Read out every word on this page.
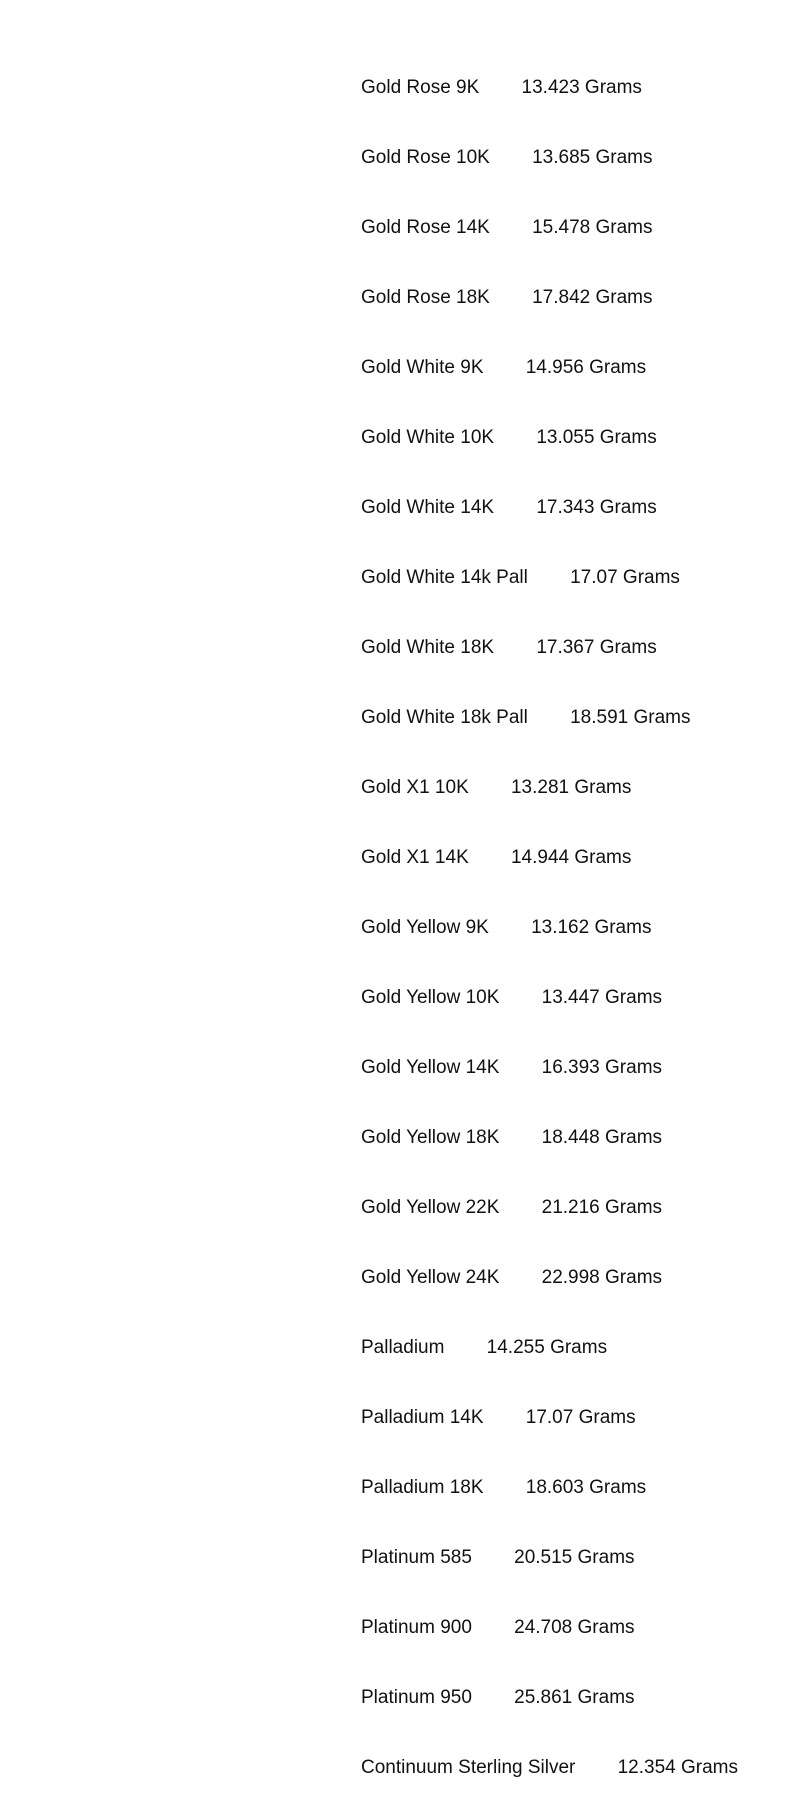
Gold Rose 9K 13.423 Grams

Gold Rose 10K 13.685 Grams

Gold Rose 14K 15.478 Grams

Gold Rose 18K 17.842 Grams

Gold White 9K 14.956 Grams

Gold White 10K 13.055 Grams

Gold White 14K 17.343 Grams

Gold White 14k Pall 17.07 Grams

Gold White 18K 17.367 Grams

Gold White 18k Pall 18.591 Grams

Gold X1 10K 13.281 Grams

Gold X1 14K 14.944 Grams

Gold Yellow 9K 13.162 Grams

Gold Yellow 10K 13.447 Grams

Gold Yellow 14K 16.393 Grams

Gold Yellow 18K 18.448 Grams

Gold Yellow 22K 21.216 Grams

Gold Yellow 24K 22.998 Grams

Palladium 14.255 Grams

Palladium 14K 17.07 Grams

Palladium 18K 18.603 Grams

Platinum 585 20.515 Grams

Platinum 900 24.708 Grams

Platinum 950 25.861 Grams

Continuum Sterling Silver 12.354 Grams
